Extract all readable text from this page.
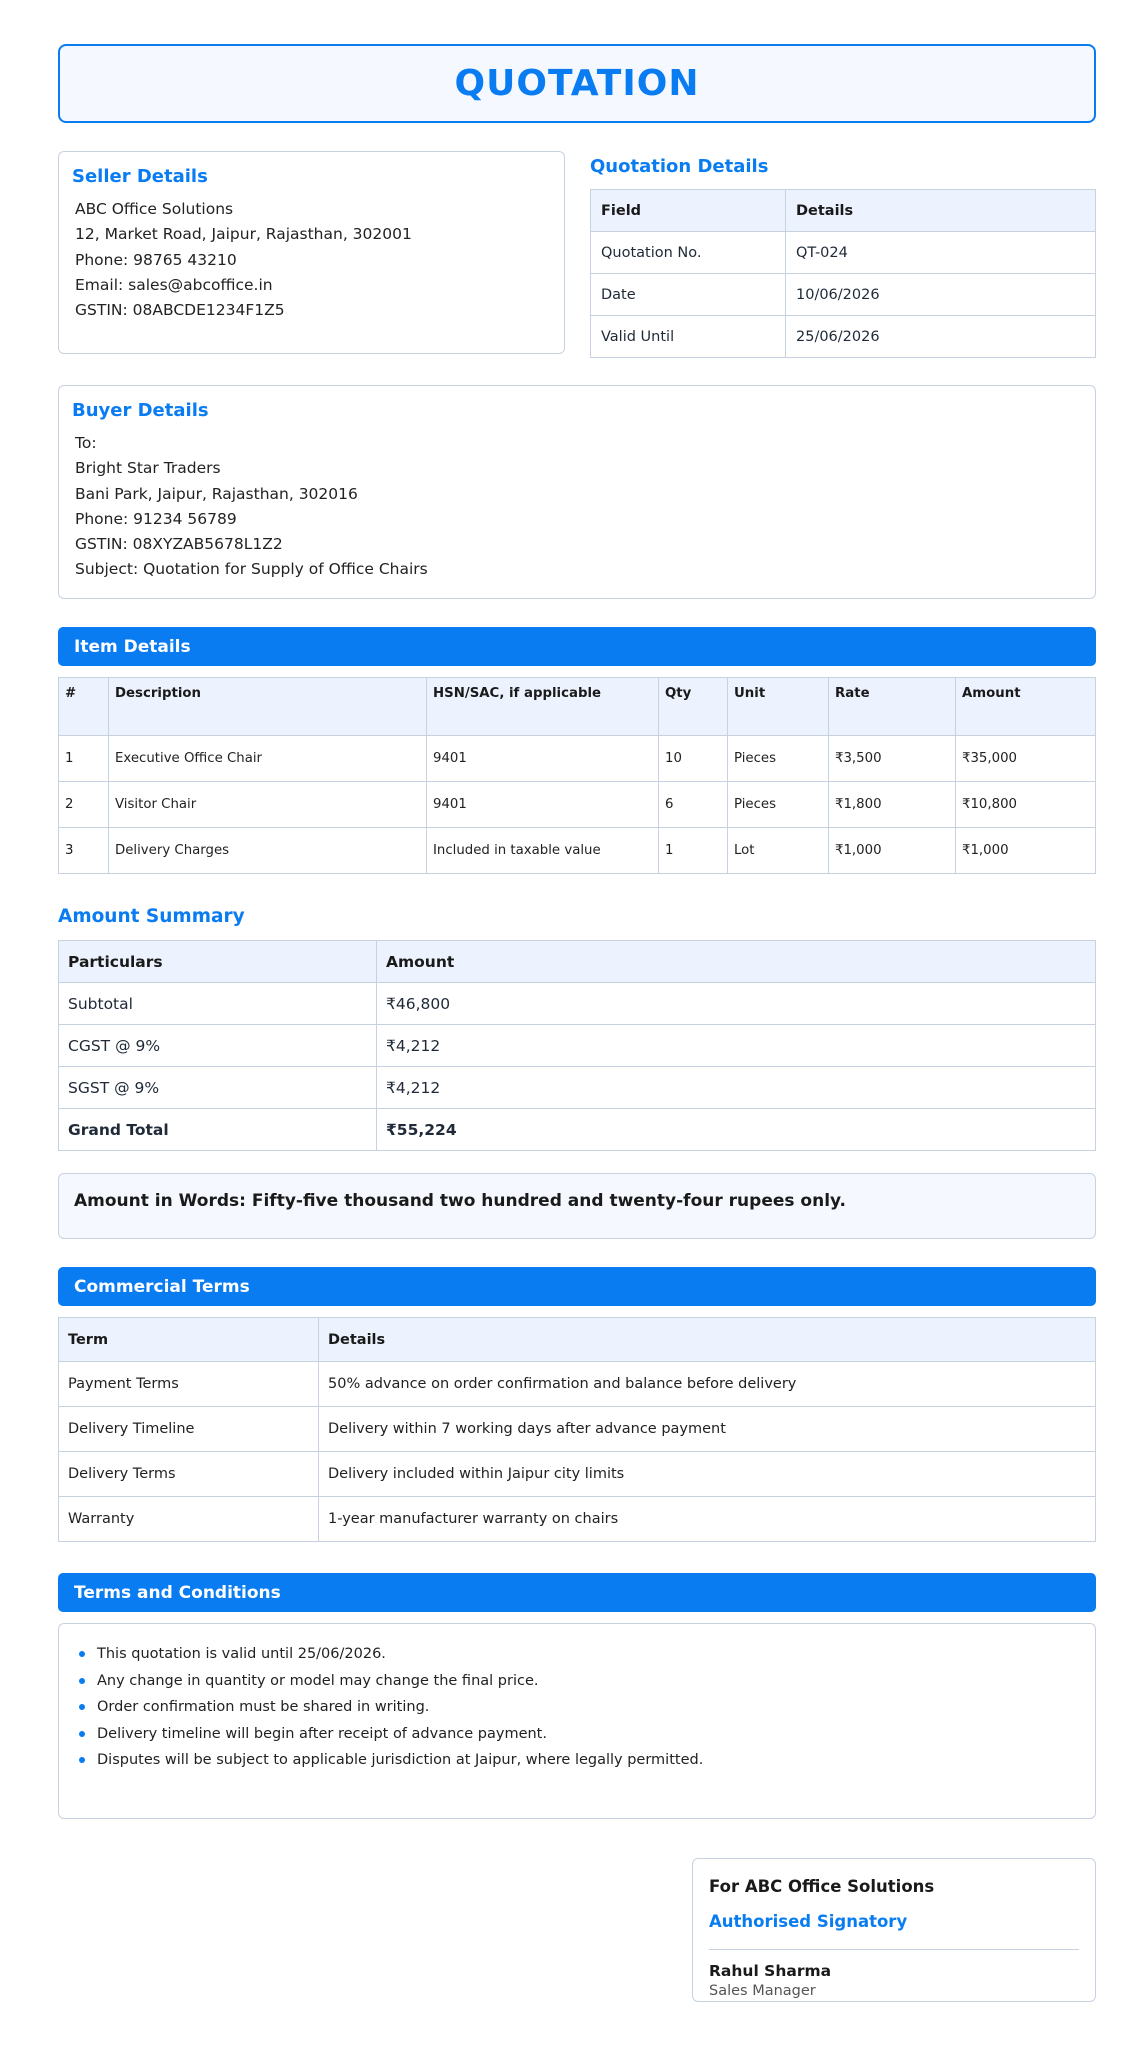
QUOTATION
Seller Details
ABC Office Solutions
12, Market Road, Jaipur, Rajasthan, 302001
Phone: 98765 43210
Email: sales@abcoffice.in
GSTIN: 08ABCDE1234F1Z5
Quotation Details
Field	Details
Quotation No.	QT-024
Date	10/06/2026
Valid Until	25/06/2026
Buyer Details
To:
Bright Star Traders
Bani Park, Jaipur, Rajasthan, 302016
Phone: 91234 56789
GSTIN: 08XYZAB5678L1Z2
Subject: Quotation for Supply of Office Chairs
Item Details
#	Description	HSN/SAC, if applicable	Qty	Unit	Rate	Amount
1	Executive Office Chair	9401	10	Pieces	₹3,500	₹35,000
2	Visitor Chair	9401	6	Pieces	₹1,800	₹10,800
3	Delivery Charges	Included in taxable value	1	Lot	₹1,000	₹1,000
Amount Summary
Particulars	Amount
Subtotal	₹46,800
CGST @ 9%	₹4,212
SGST @ 9%	₹4,212
Grand Total	₹55,224
Amount in Words: Fifty-five thousand two hundred and twenty-four rupees only.
Commercial Terms
Term	Details
Payment Terms	50% advance on order confirmation and balance before delivery
Delivery Timeline	Delivery within 7 working days after advance payment
Delivery Terms	Delivery included within Jaipur city limits
Warranty	1-year manufacturer warranty on chairs
Terms and Conditions
This quotation is valid until 25/06/2026.
Any change in quantity or model may change the final price.
Order confirmation must be shared in writing.
Delivery timeline will begin after receipt of advance payment.
Disputes will be subject to applicable jurisdiction at Jaipur, where legally permitted.
For ABC Office Solutions
Authorised Signatory
Rahul Sharma
Sales Manager
